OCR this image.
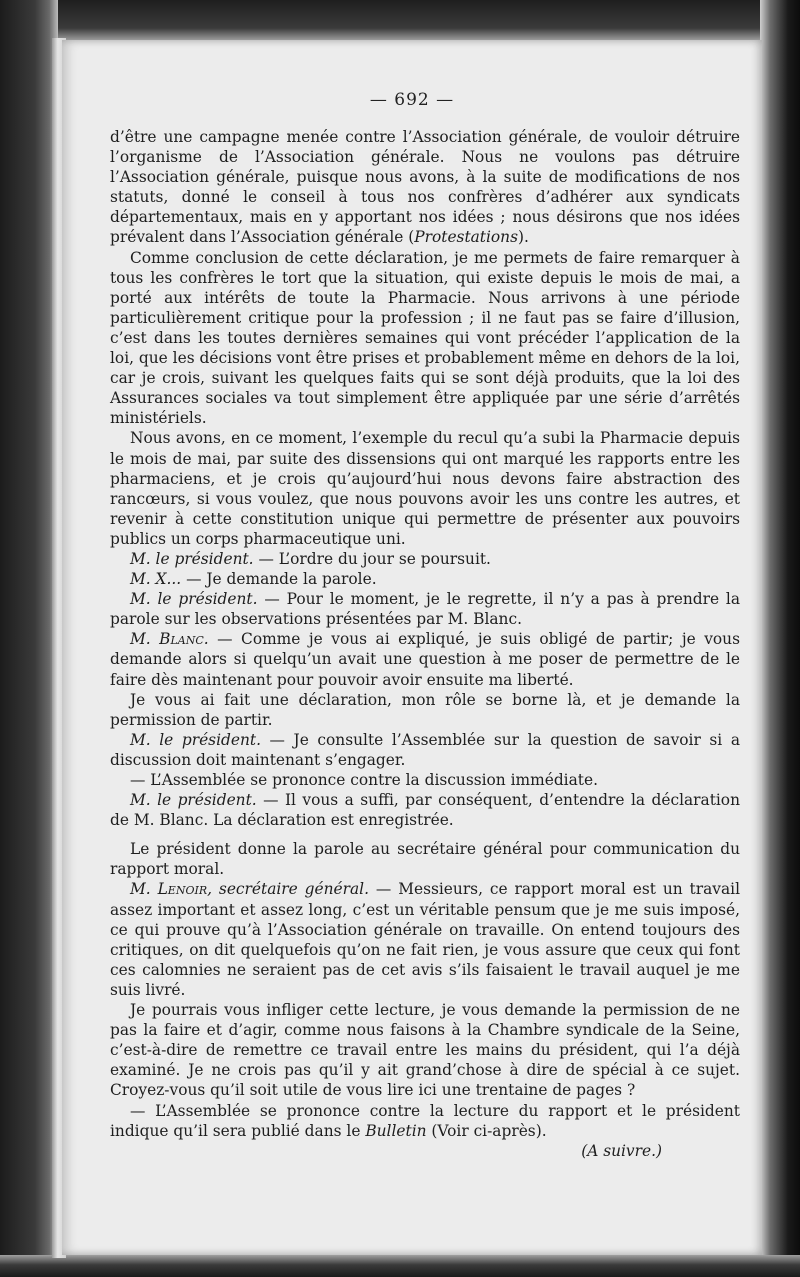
— 692 —

d’être une campagne menée contre l’Association générale, de vouloir détruire l’organisme de l’Association générale. Nous ne voulons pas détruire l’Association générale, puisque nous avons, à la suite de modifications de nos statuts, donné le conseil à tous nos confrères d’adhérer aux syndicats départementaux, mais en y apportant nos idées ; nous désirons que nos idées prévalent dans l’Association générale (Protestations).

Comme conclusion de cette déclaration, je me permets de faire remarquer à tous les confrères le tort que la situation, qui existe depuis le mois de mai, a porté aux intérêts de toute la Pharmacie. Nous arrivons à une période particulièrement critique pour la profession ; il ne faut pas se faire d’illusion, c’est dans les toutes dernières semaines qui vont précéder l’application de la loi, que les décisions vont être prises et probablement même en dehors de la loi, car je crois, suivant les quelques faits qui se sont déjà produits, que la loi des Assurances sociales va tout simplement être appliquée par une série d’arrêtés ministériels.

Nous avons, en ce moment, l’exemple du recul qu’a subi la Pharmacie depuis le mois de mai, par suite des dissensions qui ont marqué les rapports entre les pharmaciens, et je crois qu’aujourd’hui nous devons faire abstraction des rancœurs, si vous voulez, que nous pouvons avoir les uns contre les autres, et revenir à cette constitution unique qui permettre de présenter aux pouvoirs publics un corps pharmaceutique uni.

M. le président. — L’ordre du jour se poursuit.

M. X... — Je demande la parole.

M. le président. — Pour le moment, je le regrette, il n’y a pas à prendre la parole sur les observations présentées par M. Blanc.

M. Blanc. — Comme je vous ai expliqué, je suis obligé de partir; je vous demande alors si quelqu’un avait une question à me poser de permettre de le faire dès maintenant pour pouvoir avoir ensuite ma liberté.

Je vous ai fait une déclaration, mon rôle se borne là, et je demande la permission de partir.

M. le président. — Je consulte l’Assemblée sur la question de savoir si a discussion doit maintenant s’engager.

— L’Assemblée se prononce contre la discussion immédiate.

M. le président. — Il vous a suffi, par conséquent, d’entendre la déclaration de M. Blanc. La déclaration est enregistrée.

Le président donne la parole au secrétaire général pour communication du rapport moral.

M. Lenoir, secrétaire général. — Messieurs, ce rapport moral est un travail assez important et assez long, c’est un véritable pensum que je me suis imposé, ce qui prouve qu’à l’Association générale on travaille. On entend toujours des critiques, on dit quelquefois qu’on ne fait rien, je vous assure que ceux qui font ces calomnies ne seraient pas de cet avis s’ils faisaient le travail auquel je me suis livré.

Je pourrais vous infliger cette lecture, je vous demande la permission de ne pas la faire et d’agir, comme nous faisons à la Chambre syndicale de la Seine, c’est-à-dire de remettre ce travail entre les mains du président, qui l’a déjà examiné. Je ne crois pas qu’il y ait grand’chose à dire de spécial à ce sujet. Croyez-vous qu’il soit utile de vous lire ici une trentaine de pages ?

— L’Assemblée se prononce contre la lecture du rapport et le président indique qu’il sera publié dans le Bulletin (Voir ci-après).

(A suivre.)
